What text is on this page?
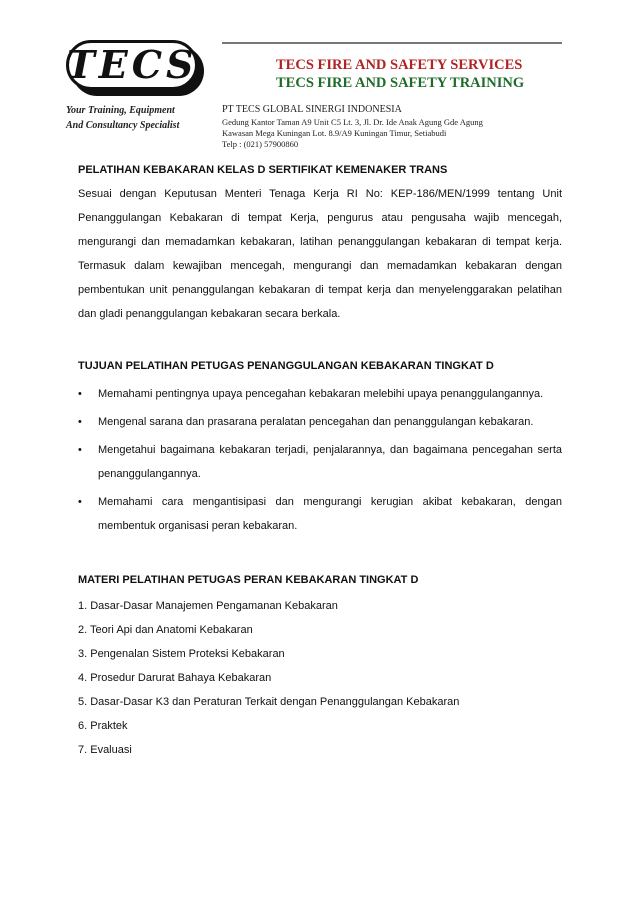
TECS
Your Training, Equipment
And Consultancy Specialist
TECS FIRE AND SAFETY SERVICES
TECS FIRE AND SAFETY TRAINING
PT TECS GLOBAL SINERGI INDONESIA
Gedung Kantor Taman A9 Unit C5 Lt. 3, Jl. Dr. Ide Anak Agung Gde Agung
Kawasan Mega Kuningan Lot. 8.9/A9 Kuningan Timur, Setiabudi
Telp : (021) 57900860

PELATIHAN KEBAKARAN KELAS D SERTIFIKAT KEMENAKER TRANS

Sesuai dengan Keputusan Menteri Tenaga Kerja RI No: KEP-186/MEN/1999 tentang Unit Penanggulangan Kebakaran di tempat Kerja, pengurus atau pengusaha wajib mencegah, mengurangi dan memadamkan kebakaran, latihan penanggulangan kebakaran di tempat kerja. Termasuk dalam kewajiban mencegah, mengurangi dan memadamkan kebakaran dengan pembentukan unit penanggulangan kebakaran di tempat kerja dan menyelenggarakan pelatihan dan gladi penanggulangan kebakaran secara berkala.

TUJUAN PELATIHAN PETUGAS PENANGGULANGAN KEBAKARAN TINGKAT D

• Memahami pentingnya upaya pencegahan kebakaran melebihi upaya penanggulangannya.
• Mengenal sarana dan prasarana peralatan pencegahan dan penanggulangan kebakaran.
• Mengetahui bagaimana kebakaran terjadi, penjalarannya, dan bagaimana pencegahan serta penanggulangannya.
• Memahami cara mengantisipasi dan mengurangi kerugian akibat kebakaran, dengan membentuk organisasi peran kebakaran.

MATERI PELATIHAN PETUGAS PERAN KEBAKARAN TINGKAT D

1. Dasar-Dasar Manajemen Pengamanan Kebakaran
2. Teori Api dan Anatomi Kebakaran
3. Pengenalan Sistem Proteksi Kebakaran
4. Prosedur Darurat Bahaya Kebakaran
5. Dasar-Dasar K3 dan Peraturan Terkait dengan Penanggulangan Kebakaran
6. Praktek
7. Evaluasi
